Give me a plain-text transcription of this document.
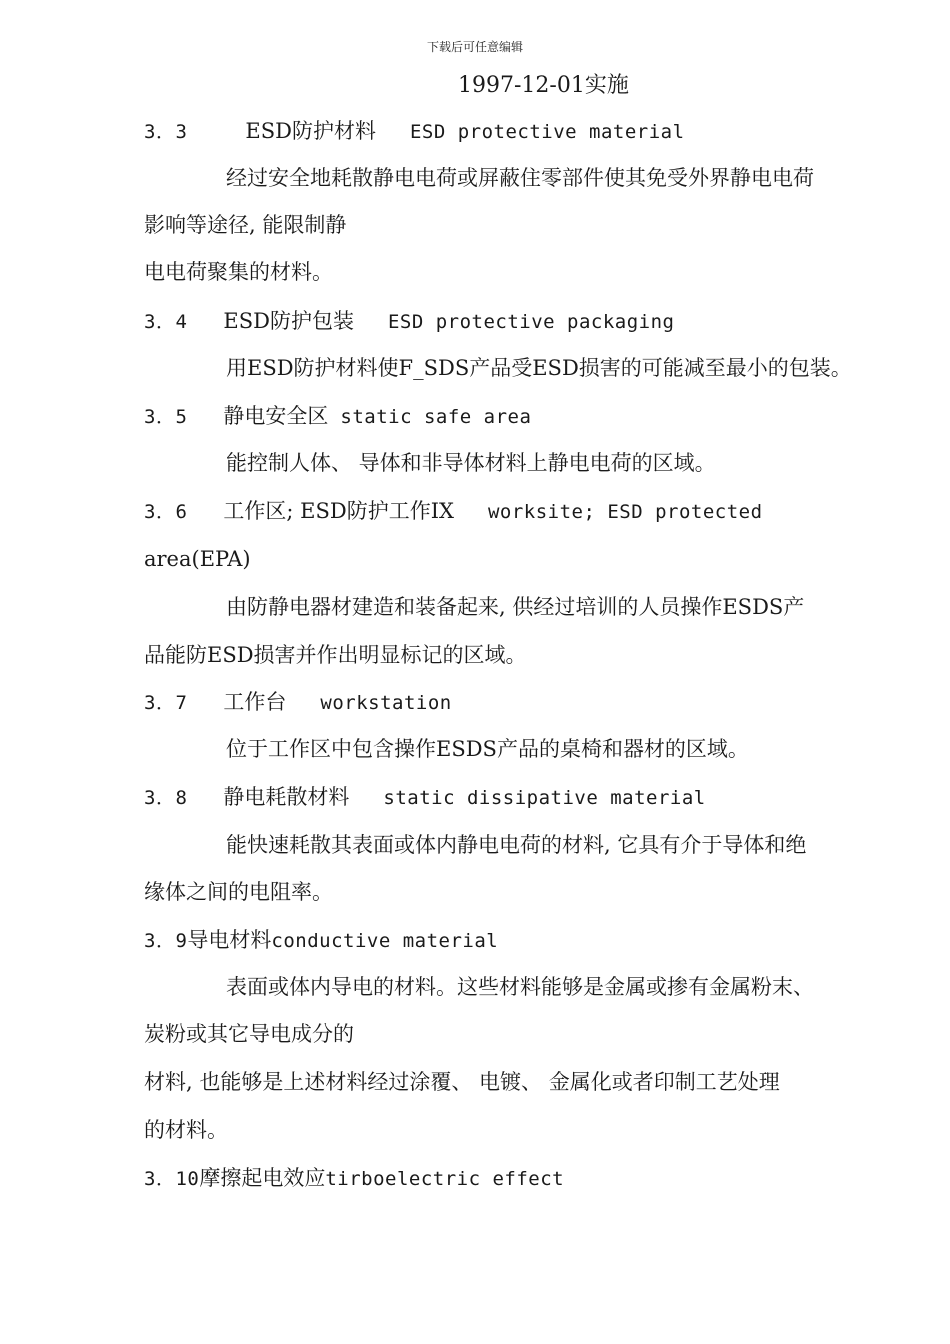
下载后可任意编辑
1997-12-01实施
3．3	ESD防护材料 ESD protective material
经过安全地耗散静电电荷或屏蔽住零部件使其免受外界静电电荷
影响等途径, 能限制静
电电荷聚集的材料。
3．4 ESD防护包装 ESD protective packaging
用ESD防护材料使F_SDS产品受ESD损害的可能减至最小的包装。
3．5 静电安全区 static safe area
能控制人体、 导体和非导体材料上静电电荷的区域。
3．6 工作区; ESD防护工作IX worksite; ESD protected
area(EPA)
由防静电器材建造和装备起来, 供经过培训的人员操作ESDS产
品能防ESD损害并作出明显标记的区域。
3．7 工作台 workstation
位于工作区中包含操作ESDS产品的桌椅和器材的区域。
3．8 静电耗散材料 static dissipative material
能快速耗散其表面或体内静电电荷的材料, 它具有介于导体和绝
缘体之间的电阻率。
3．9导电材料conductive material
表面或体内导电的材料。这些材料能够是金属或掺有金属粉末、
炭粉或其它导电成分的
材料, 也能够是上述材料经过涂覆、 电镀、 金属化或者印制工艺处理
的材料。
3．10摩擦起电效应tirboelectric effect
